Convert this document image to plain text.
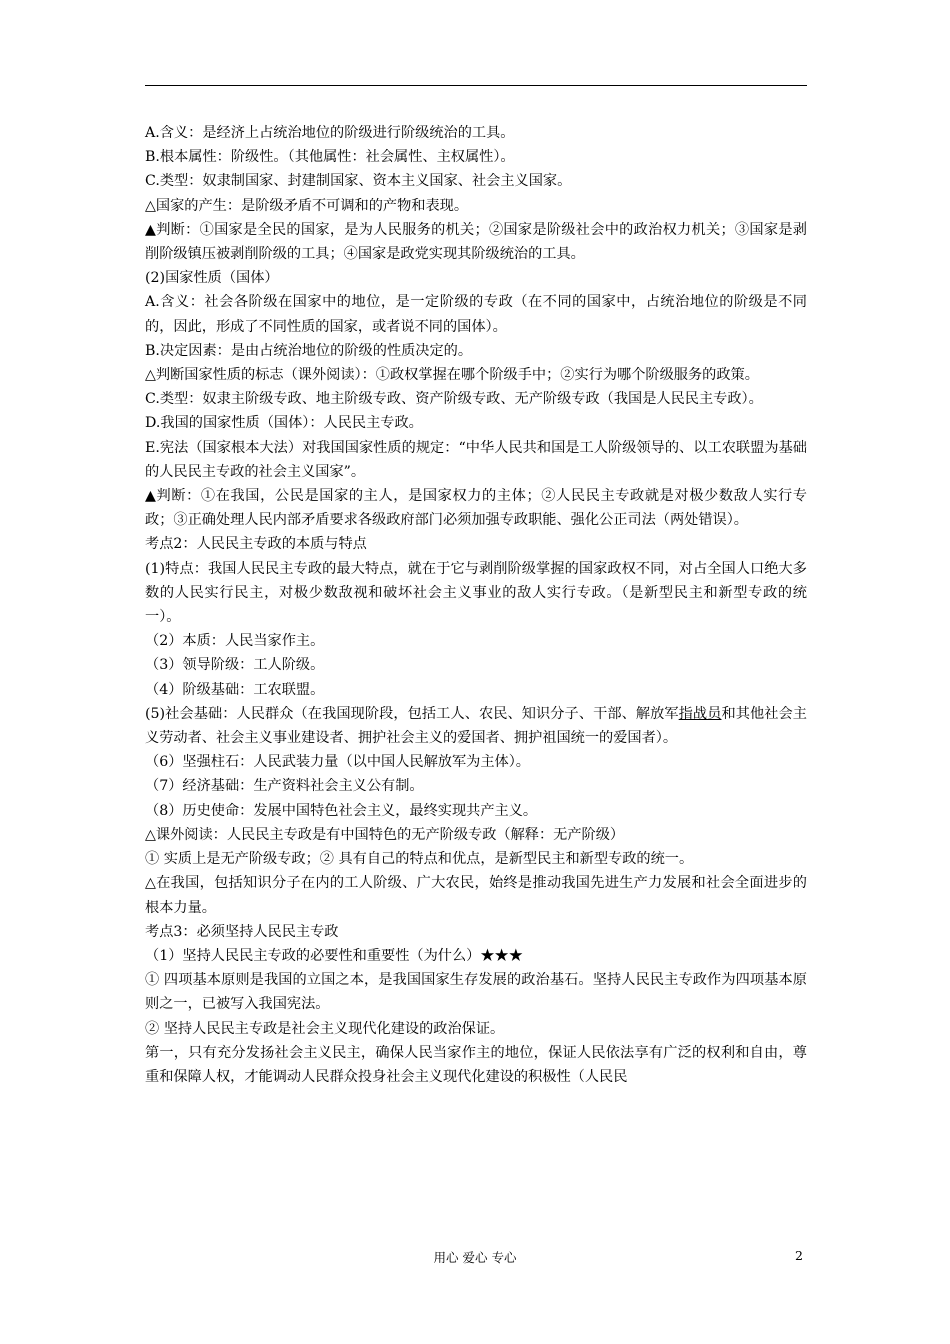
A.含义：是经济上占统治地位的阶级进行阶级统治的工具。

B.根本属性：阶级性。（其他属性：社会属性、主权属性）。

C.类型：奴隶制国家、封建制国家、资本主义国家、社会主义国家。

△国家的产生：是阶级矛盾不可调和的产物和表现。

▲判断：①国家是全民的国家，是为人民服务的机关；②国家是阶级社会中的政治权力机关；③国家是剥削阶级镇压被剥削阶级的工具；④国家是政党实现其阶级统治的工具。

(2)国家性质（国体）

A.含义：社会各阶级在国家中的地位，是一定阶级的专政（在不同的国家中，占统治地位的阶级是不同的，因此，形成了不同性质的国家，或者说不同的国体）。

B.决定因素：是由占统治地位的阶级的性质决定的。

△判断国家性质的标志（课外阅读）：①政权掌握在哪个阶级手中；②实行为哪个阶级服务的政策。

C.类型：奴隶主阶级专政、地主阶级专政、资产阶级专政、无产阶级专政（我国是人民民主专政）。

D.我国的国家性质（国体）：人民民主专政。

E.宪法（国家根本大法）对我国国家性质的规定：“中华人民共和国是工人阶级领导的、以工农联盟为基础的人民民主专政的社会主义国家”。

▲判断：①在我国，公民是国家的主人，是国家权力的主体；②人民民主专政就是对极少数敌人实行专政；③正确处理人民内部矛盾要求各级政府部门必须加强专政职能、强化公正司法（两处错误）。

考点2：人民民主专政的本质与特点

(1)特点：我国人民民主专政的最大特点，就在于它与剥削阶级掌握的国家政权不同，对占全国人口绝大多数的人民实行民主，对极少数敌视和破坏社会主义事业的敌人实行专政。（是新型民主和新型专政的统一）。

（2）本质：人民当家作主。

（3）领导阶级：工人阶级。

（4）阶级基础：工农联盟。

(5)社会基础：人民群众（在我国现阶段，包括工人、农民、知识分子、干部、解放军指战员和其他社会主义劳动者、社会主义事业建设者、拥护社会主义的爱国者、拥护祖国统一的爱国者）。

（6）坚强柱石：人民武装力量（以中国人民解放军为主体）。

（7）经济基础：生产资料社会主义公有制。

（8）历史使命：发展中国特色社会主义，最终实现共产主义。

△课外阅读：人民民主专政是有中国特色的无产阶级专政（解释：无产阶级）

① 实质上是无产阶级专政；② 具有自己的特点和优点，是新型民主和新型专政的统一。

△在我国，包括知识分子在内的工人阶级、广大农民，始终是推动我国先进生产力发展和社会全面进步的根本力量。

考点3：必须坚持人民民主专政

（1）坚持人民民主专政的必要性和重要性（为什么）★★★

① 四项基本原则是我国的立国之本，是我国国家生存发展的政治基石。坚持人民民主专政作为四项基本原则之一，已被写入我国宪法。

② 坚持人民民主专政是社会主义现代化建设的政治保证。

第一，只有充分发扬社会主义民主，确保人民当家作主的地位，保证人民依法享有广泛的权利和自由，尊重和保障人权，才能调动人民群众投身社会主义现代化建设的积极性（人民民

用心 爱心 专心	2
